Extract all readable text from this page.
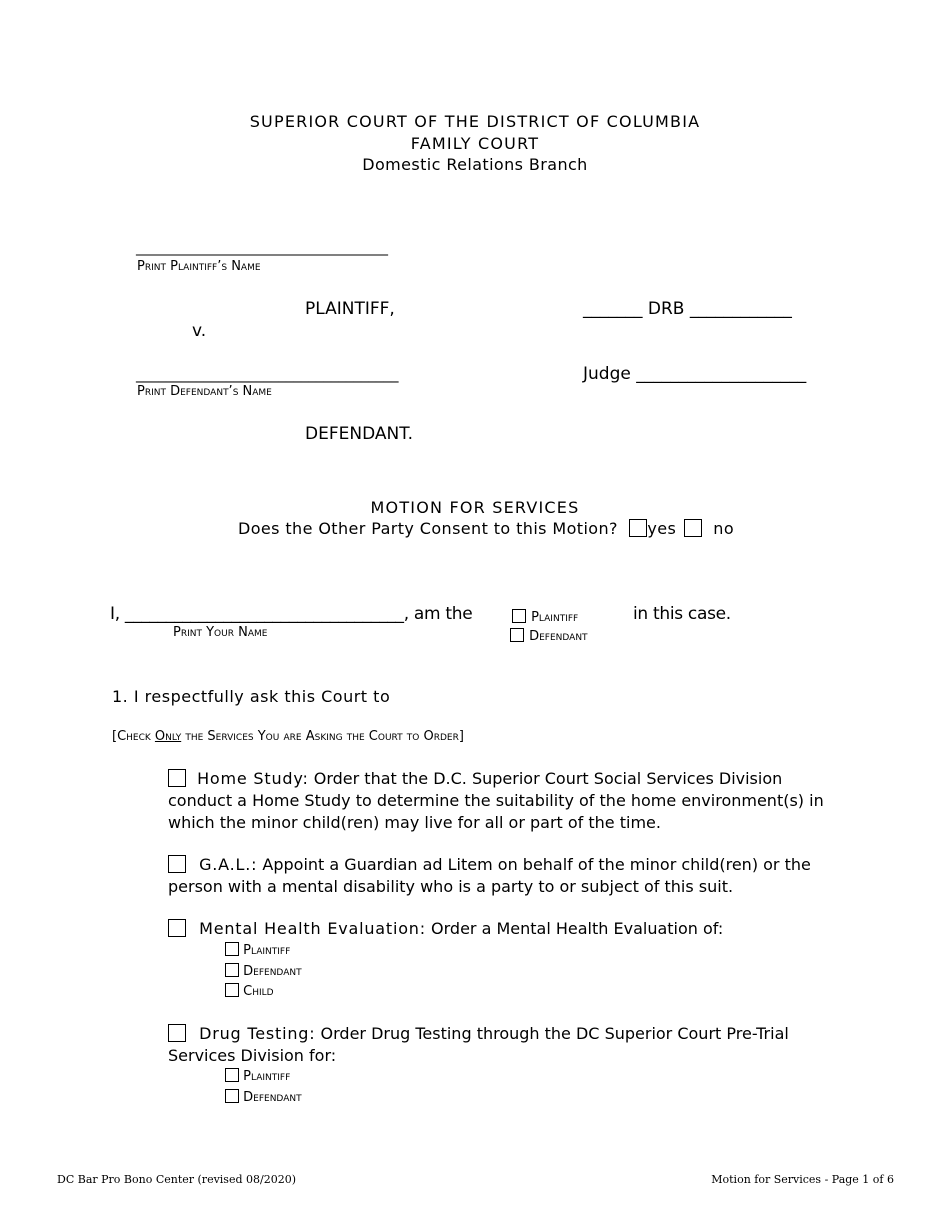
SUPERIOR COURT OF THE DISTRICT OF COLUMBIA
FAMILY COURT
Domestic Relations Branch
____________________________________
Print Plaintiff’s Name
PLAINTIFF,	_______ DRB ____________
v.
___________________________________	Judge ____________________
Print Defendant’s Name
DEFENDANT.
MOTION FOR SERVICES
Does the Other Party Consent to this Motion? yes no
I, __________________________________, am the	Plaintiff	in this case.
Print Your Name	Defendant
1. I respectfully ask this Court to
[Check Only the Services You are Asking the Court to Order]
Home Study: Order that the D.C. Superior Court Social Services Division conduct a Home Study to determine the suitability of the home environment(s) in which the minor child(ren) may live for all or part of the time.
G.A.L.: Appoint a Guardian ad Litem on behalf of the minor child(ren) or the person with a mental disability who is a party to or subject of this suit.
Mental Health Evaluation: Order a Mental Health Evaluation of:
Plaintiff
Defendant
Child
Drug Testing: Order Drug Testing through the DC Superior Court Pre-Trial Services Division for:
Plaintiff
Defendant
DC Bar Pro Bono Center (revised 08/2020)	Motion for Services - Page 1 of 6
